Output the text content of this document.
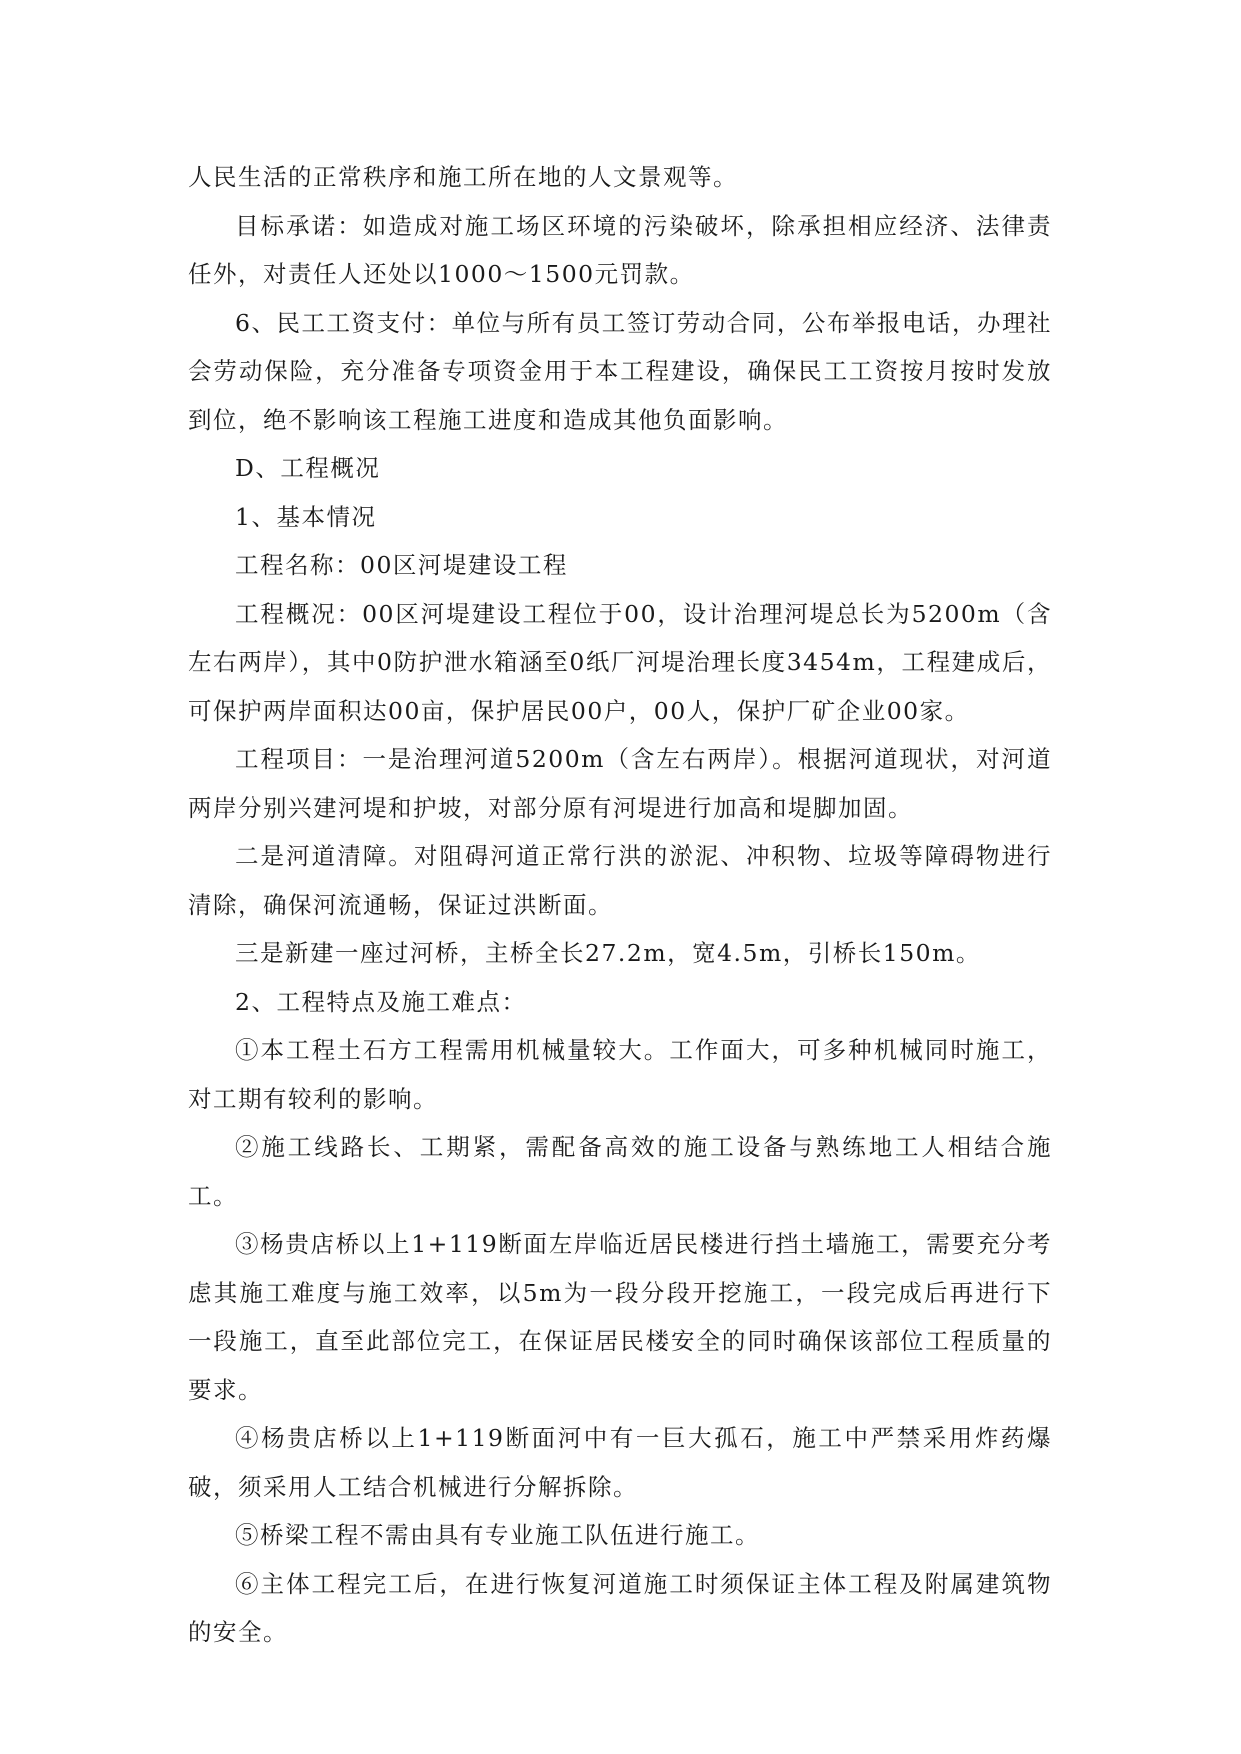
人民生活的正常秩序和施工所在地的人文景观等。

目标承诺：如造成对施工场区环境的污染破坏，除承担相应经济、法律责任外，对责任人还处以1000～1500元罚款。

6、民工工资支付：单位与所有员工签订劳动合同，公布举报电话，办理社会劳动保险，充分准备专项资金用于本工程建设，确保民工工资按月按时发放到位，绝不影响该工程施工进度和造成其他负面影响。

D、工程概况

1、基本情况

工程名称：00区河堤建设工程

工程概况：00区河堤建设工程位于00，设计治理河堤总长为5200m（含左右两岸），其中0防护泄水箱涵至0纸厂河堤治理长度3454m，工程建成后，可保护两岸面积达00亩，保护居民00户，00人，保护厂矿企业00家。

工程项目：一是治理河道5200m（含左右两岸）。根据河道现状，对河道两岸分别兴建河堤和护坡，对部分原有河堤进行加高和堤脚加固。

二是河道清障。对阻碍河道正常行洪的淤泥、冲积物、垃圾等障碍物进行清除，确保河流通畅，保证过洪断面。

三是新建一座过河桥，主桥全长27.2m，宽4.5m，引桥长150m。

2、工程特点及施工难点：

①本工程土石方工程需用机械量较大。工作面大，可多种机械同时施工，对工期有较利的影响。

②施工线路长、工期紧，需配备高效的施工设备与熟练地工人相结合施工。

③杨贵店桥以上1+119断面左岸临近居民楼进行挡土墙施工，需要充分考虑其施工难度与施工效率，以5m为一段分段开挖施工，一段完成后再进行下一段施工，直至此部位完工，在保证居民楼安全的同时确保该部位工程质量的要求。

④杨贵店桥以上1+119断面河中有一巨大孤石，施工中严禁采用炸药爆破，须采用人工结合机械进行分解拆除。

⑤桥梁工程不需由具有专业施工队伍进行施工。

⑥主体工程完工后，在进行恢复河道施工时须保证主体工程及附属建筑物的安全。
